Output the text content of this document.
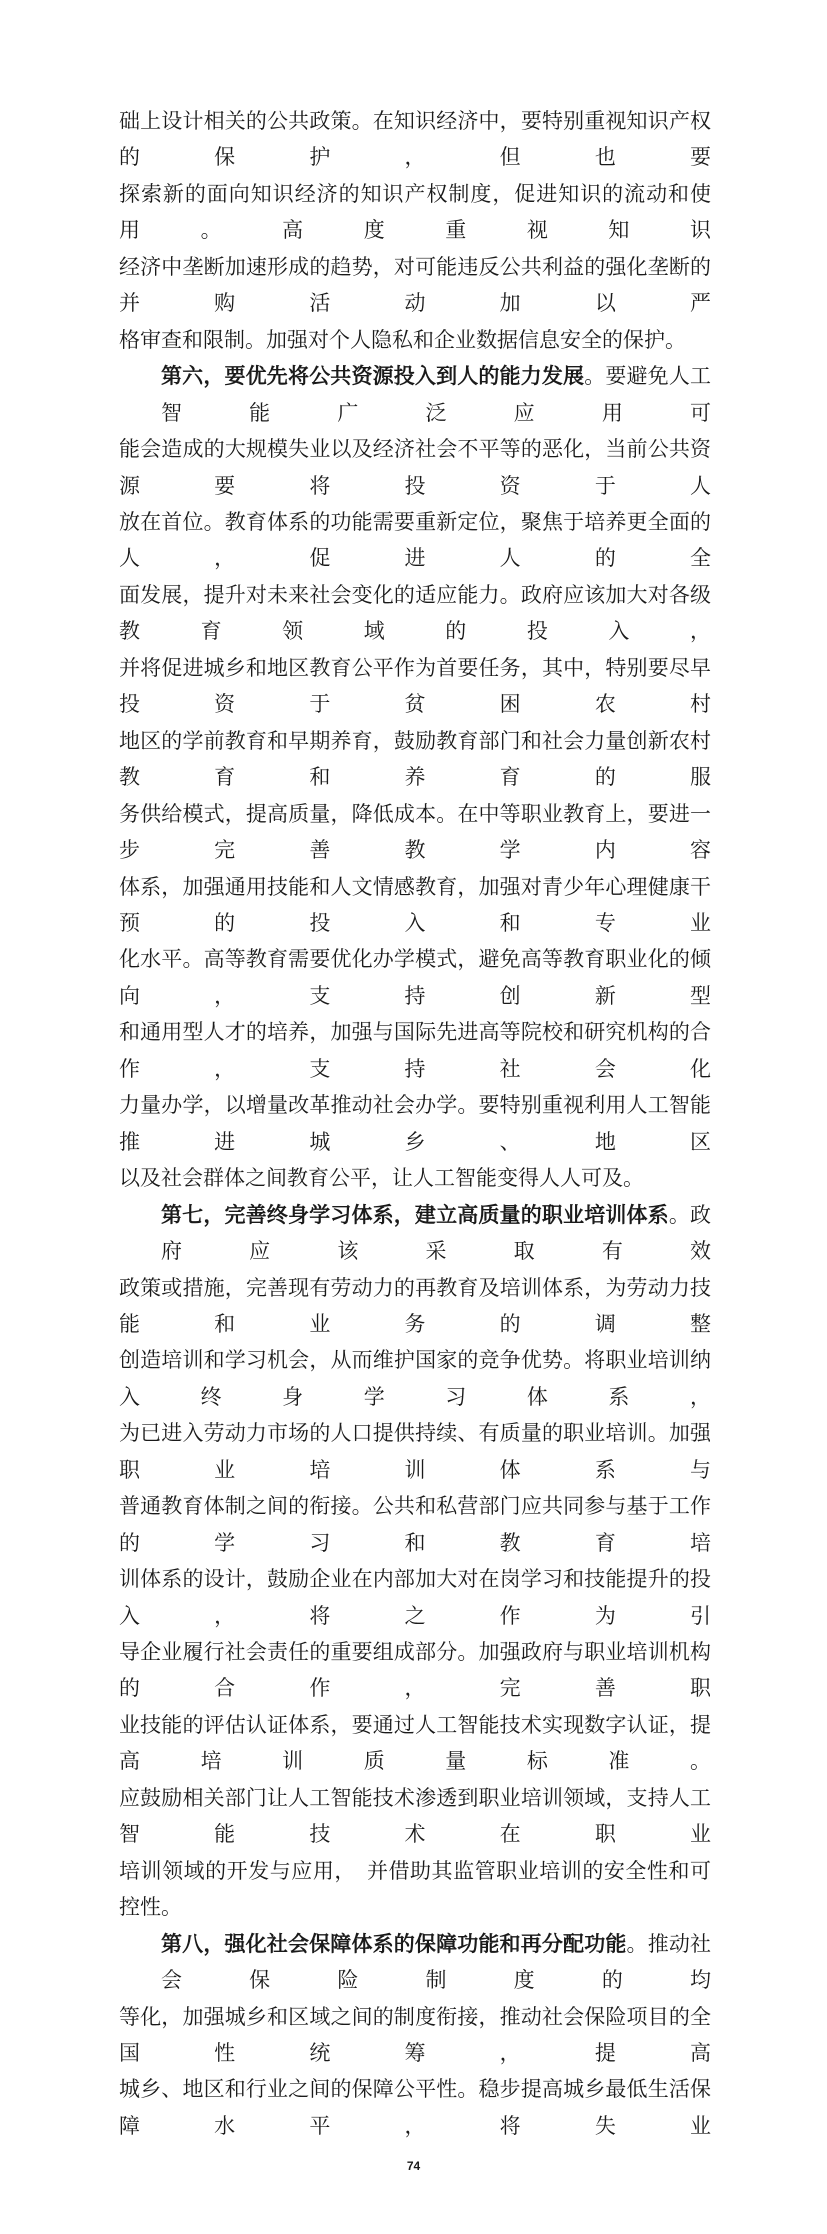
础上设计相关的公共政策。在知识经济中，要特别重视知识产权的保护，但也要
探索新的面向知识经济的知识产权制度，促进知识的流动和使用。高度重视知识
经济中垄断加速形成的趋势，对可能违反公共利益的强化垄断的并购活动加以严
格审查和限制。加强对个人隐私和企业数据信息安全的保护。
第六，要优先将公共资源投入到人的能力发展。要避免人工智能广泛应用可
能会造成的大规模失业以及经济社会不平等的恶化，当前公共资源要将投资于人
放在首位。教育体系的功能需要重新定位，聚焦于培养更全面的人，促进人的全
面发展，提升对未来社会变化的适应能力。政府应该加大对各级教育领域的投入，
并将促进城乡和地区教育公平作为首要任务，其中，特别要尽早投资于贫困农村
地区的学前教育和早期养育，鼓励教育部门和社会力量创新农村教育和养育的服
务供给模式，提高质量，降低成本。在中等职业教育上，要进一步完善教学内容
体系，加强通用技能和人文情感教育，加强对青少年心理健康干预的投入和专业
化水平。高等教育需要优化办学模式，避免高等教育职业化的倾向，支持创新型
和通用型人才的培养，加强与国际先进高等院校和研究机构的合作，支持社会化
力量办学，以增量改革推动社会办学。要特别重视利用人工智能推进城乡、地区
以及社会群体之间教育公平，让人工智能变得人人可及。
第七，完善终身学习体系，建立高质量的职业培训体系。政府应该采取有效
政策或措施，完善现有劳动力的再教育及培训体系，为劳动力技能和业务的调整
创造培训和学习机会，从而维护国家的竞争优势。将职业培训纳入终身学习体系，
为已进入劳动力市场的人口提供持续、有质量的职业培训。加强职业培训体系与
普通教育体制之间的衔接。公共和私营部门应共同参与基于工作的学习和教育培
训体系的设计，鼓励企业在内部加大对在岗学习和技能提升的投入，将之作为引
导企业履行社会责任的重要组成部分。加强政府与职业培训机构的合作，完善职
业技能的评估认证体系，要通过人工智能技术实现数字认证，提高培训质量标准。
应鼓励相关部门让人工智能技术渗透到职业培训领域，支持人工智能技术在职业
培训领域的开发与应用，　并借助其监管职业培训的安全性和可控性。
第八，强化社会保障体系的保障功能和再分配功能。推动社会保险制度的均
等化，加强城乡和区域之间的制度衔接，推动社会保险项目的全国性统筹，提高
城乡、地区和行业之间的保障公平性。稳步提高城乡最低生活保障水平，将失业
74
